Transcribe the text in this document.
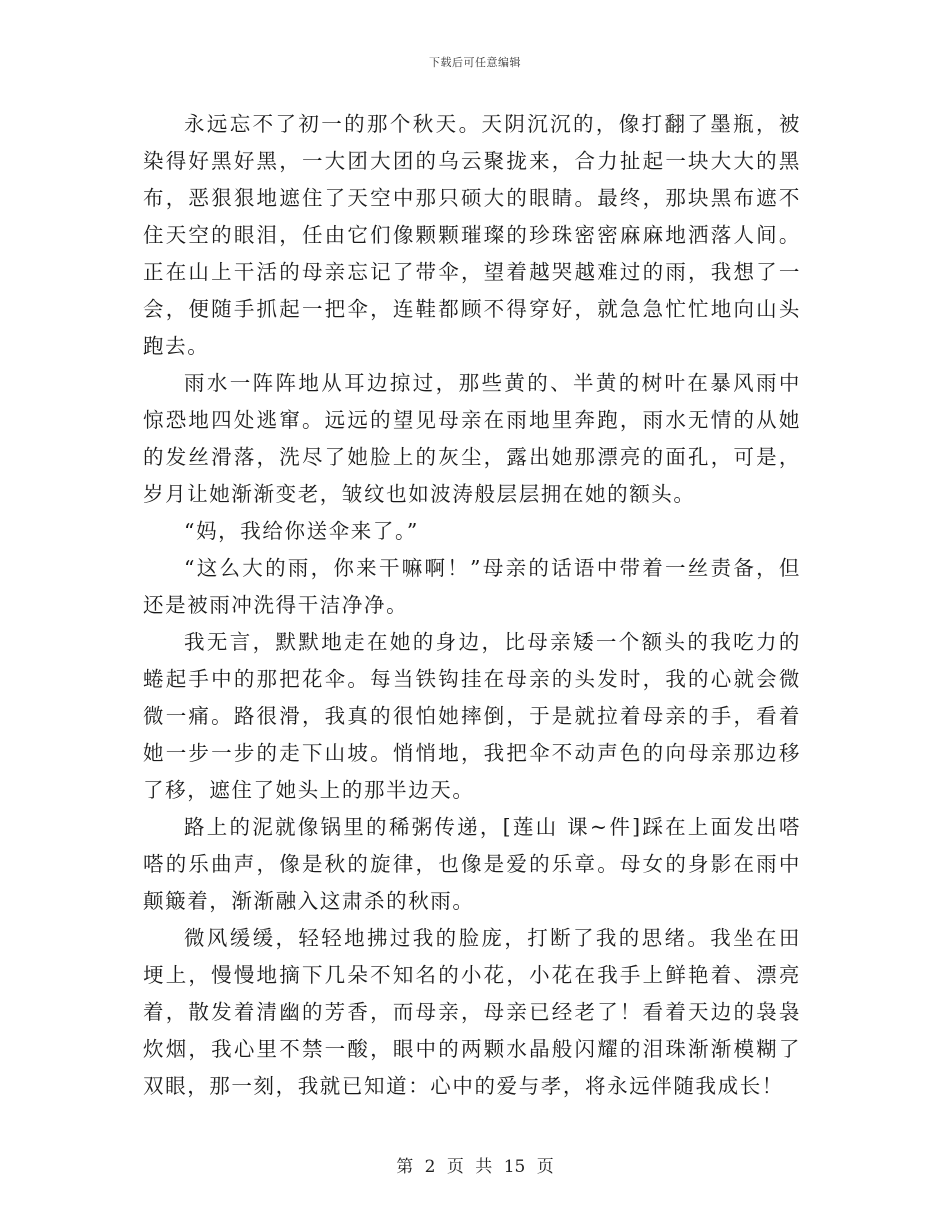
下载后可任意编辑

永远忘不了初一的那个秋天。天阴沉沉的，像打翻了墨瓶，被染得好黑好黑，一大团大团的乌云聚拢来，合力扯起一块大大的黑布，恶狠狠地遮住了天空中那只硕大的眼睛。最终，那块黑布遮不住天空的眼泪，任由它们像颗颗璀璨的珍珠密密麻麻地洒落人间。正在山上干活的母亲忘记了带伞，望着越哭越难过的雨，我想了一会，便随手抓起一把伞，连鞋都顾不得穿好，就急急忙忙地向山头跑去。

雨水一阵阵地从耳边掠过，那些黄的、半黄的树叶在暴风雨中惊恐地四处逃窜。远远的望见母亲在雨地里奔跑，雨水无情的从她的发丝滑落，洗尽了她脸上的灰尘，露出她那漂亮的面孔，可是，岁月让她渐渐变老，皱纹也如波涛般层层拥在她的额头。

“妈，我给你送伞来了。”

“这么大的雨，你来干嘛啊！”母亲的话语中带着一丝责备，但还是被雨冲洗得干洁净净。

我无言，默默地走在她的身边，比母亲矮一个额头的我吃力的蜷起手中的那把花伞。每当铁钩挂在母亲的头发时，我的心就会微微一痛。路很滑，我真的很怕她摔倒，于是就拉着母亲的手，看着她一步一步的走下山坡。悄悄地，我把伞不动声色的向母亲那边移了移，遮住了她头上的那半边天。

路上的泥就像锅里的稀粥传递，[莲山 课~件]踩在上面发出嗒嗒的乐曲声，像是秋的旋律，也像是爱的乐章。母女的身影在雨中颠簸着，渐渐融入这肃杀的秋雨。

微风缓缓，轻轻地拂过我的脸庞，打断了我的思绪。我坐在田埂上，慢慢地摘下几朵不知名的小花，小花在我手上鲜艳着、漂亮着，散发着清幽的芳香，而母亲，母亲已经老了！看着天边的袅袅炊烟，我心里不禁一酸，眼中的两颗水晶般闪耀的泪珠渐渐模糊了双眼，那一刻，我就已知道：心中的爱与孝，将永远伴随我成长！

第 2 页 共 15 页
